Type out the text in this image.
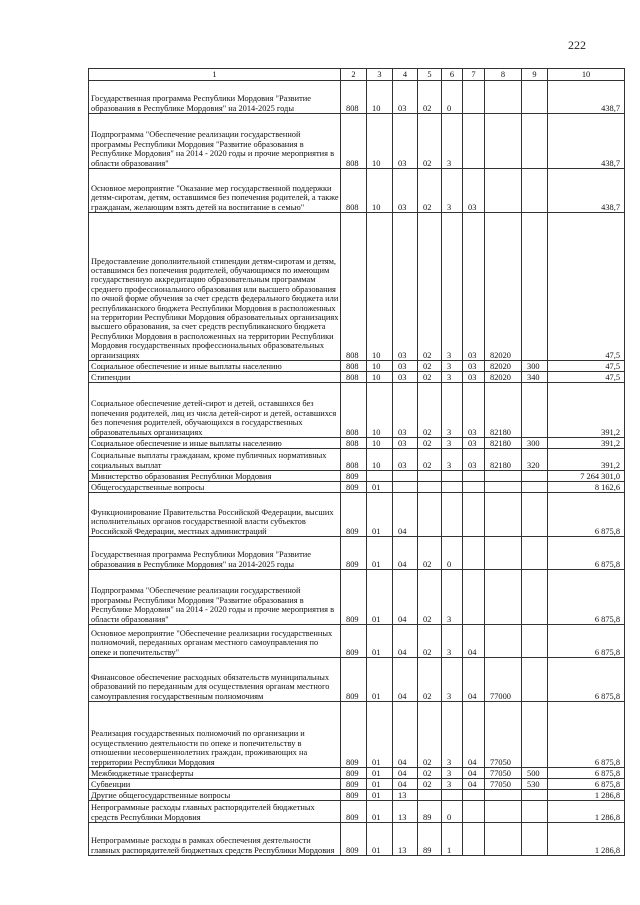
222
1	2	3	4	5	6	7	8	9	10
Государственная программа Республики Мордовия "Развитие образования в Республике Мордовия" на 2014-2025 годы	808	10	03	02	0				438,7
Подпрограмма "Обеспечение реализации государственной программы Республики Мордовия "Развитие образования в Республике Мордовия" на 2014 - 2020 годы и прочие мероприятия в области образования"	808	10	03	02	3				438,7
Основное мероприятие "Оказание мер государственной поддержки детям-сиротам, детям, оставшимся без попечения родителей, а также гражданам, желающим взять детей на воспитание в семью"	808	10	03	02	3	03			438,7
Предоставление дополнительной стипендии детям-сиротам и детям, оставшимся без попечения родителей, обучающимся по имеющим государственную аккредитацию образовательным программам среднего профессионального образования или высшего образования по очной форме обучения за счет средств федерального бюджета или республиканского бюджета Республики Мордовия в расположенных на территории Республики Мордовия образовательных организациях высшего образования, за счет средств республиканского бюджета Республики Мордовия в расположенных на территории Республики Мордовия государственных профессиональных образовательных организациях	808	10	03	02	3	03	82020		47,5
Социальное обеспечение и иные выплаты населению	808	10	03	02	3	03	82020	300	47,5
Стипендии	808	10	03	02	3	03	82020	340	47,5
Социальное обеспечение детей-сирот и детей, оставшихся без попечения родителей, лиц из числа детей-сирот и детей, оставшихся без попечения родителей, обучающихся в государственных образовательных организациях	808	10	03	02	3	03	82180		391,2
Социальное обеспечение и иные выплаты населению	808	10	03	02	3	03	82180	300	391,2
Социальные выплаты гражданам, кроме публичных нормативных социальных выплат	808	10	03	02	3	03	82180	320	391,2
Министерство образования Республики Мордовия	809								7 264 301,0
Общегосударственные вопросы	809	01							8 162,6
Функционирование Правительства Российской Федерации, высших исполнительных органов государственной власти субъектов Российской Федерации, местных администраций	809	01	04						6 875,8
Государственная программа Республики Мордовия "Развитие образования в Республике Мордовия" на 2014-2025 годы	809	01	04	02	0				6 875,8
Подпрограмма "Обеспечение реализации государственной программы Республики Мордовия "Развитие образования в Республике Мордовия" на 2014 - 2020 годы и прочие мероприятия в области образования"	809	01	04	02	3				6 875,8
Основное мероприятие "Обеспечение реализации государственных полномочий, переданных органам местного самоуправления по опеке и попечительству"	809	01	04	02	3	04			6 875,8
Финансовое обеспечение расходных обязательств муниципальных образований по переданным для осуществления органам местного самоуправления государственным полномочиям	809	01	04	02	3	04	77000		6 875,8
Реализация государственных полномочий по организации и осуществлению деятельности по опеке и попечительству в отношении несовершеннолетних граждан, проживающих на территории Республики Мордовия	809	01	04	02	3	04	77050		6 875,8
Межбюджетные трансферты	809	01	04	02	3	04	77050	500	6 875,8
Субвенции	809	01	04	02	3	04	77050	530	6 875,8
Другие общегосударственные вопросы	809	01	13						1 286,8
Непрограммные расходы главных распорядителей бюджетных средств Республики Мордовия	809	01	13	89	0				1 286,8
Непрограммные расходы в рамках обеспечения деятельности главных распорядителей бюджетных средств Республики Мордовия	809	01	13	89	1				1 286,8
